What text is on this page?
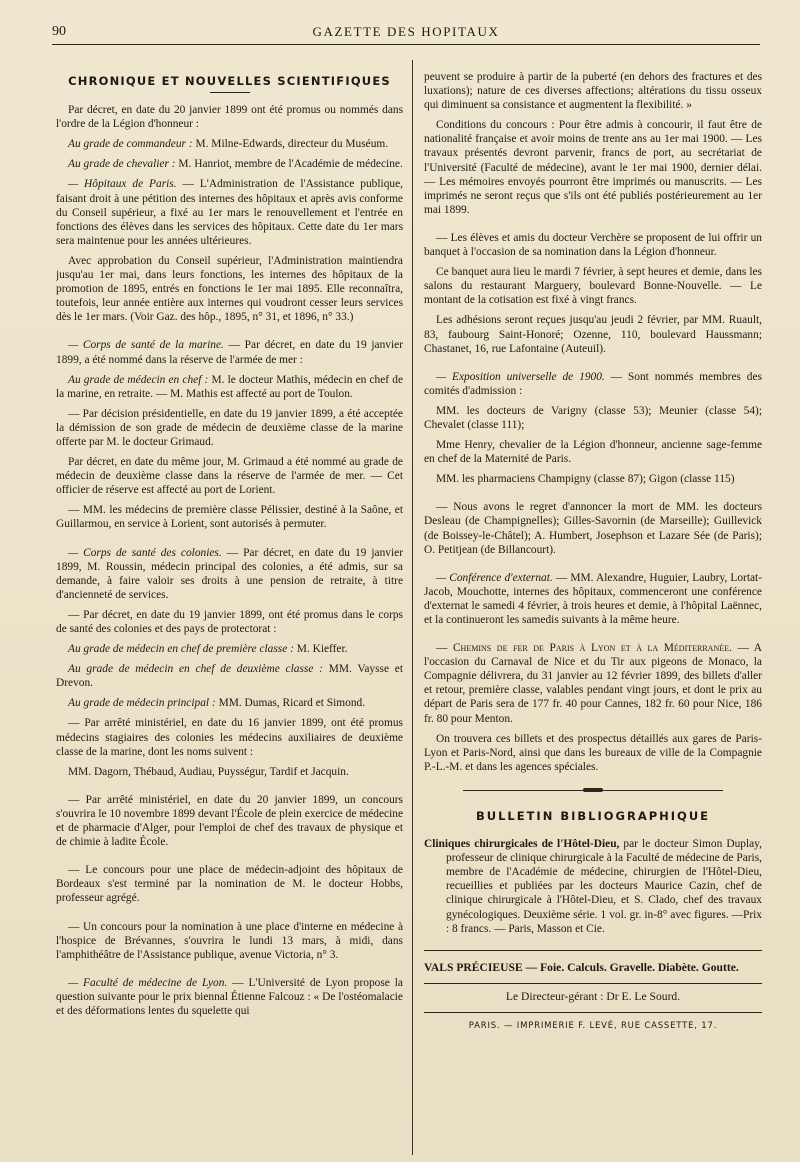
90	GAZETTE DES HOPITAUX
CHRONIQUE ET NOUVELLES SCIENTIFIQUES

Par décret, en date du 20 janvier 1899 ont été promus ou nommés dans l'ordre de la Légion d'honneur :

Au grade de commandeur : M. Milne-Edwards, directeur du Muséum.

Au grade de chevalier : M. Hanriot, membre de l'Académie de médecine.

— Hôpitaux de Paris. — L'Administration de l'Assistance publique, faisant droit à une pétition des internes des hôpitaux et après avis conforme du Conseil supérieur, a fixé au 1er mars le renouvellement et l'entrée en fonctions des élèves dans les services des hôpitaux. Cette date du 1er mars sera maintenue pour les années ultérieures.

Avec approbation du Conseil supérieur, l'Administration maintiendra jusqu'au 1er mai, dans leurs fonctions, les internes des hôpitaux de la promotion de 1895, entrés en fonctions le 1er mai 1895. Elle reconnaîtra, toutefois, leur année entière aux internes qui voudront cesser leurs services dès le 1er mars. (Voir Gaz. des hôp., 1895, n° 31, et 1896, n° 33.)

— Corps de santé de la marine. — Par décret, en date du 19 janvier 1899, a été nommé dans la réserve de l'armée de mer :

Au grade de médecin en chef : M. le docteur Mathis, médecin en chef de la marine, en retraite. — M. Mathis est affecté au port de Toulon.

— Par décision présidentielle, en date du 19 janvier 1899, a été acceptée la démission de son grade de médecin de deuxième classe de la marine offerte par M. le docteur Grimaud.

Par décret, en date du même jour, M. Grimaud a été nommé au grade de médecin de deuxième classe dans la réserve de l'armée de mer. — Cet officier de réserve est affecté au port de Lorient.

— MM. les médecins de première classe Pélissier, destiné à la Saône, et Guillarmou, en service à Lorient, sont autorisés à permuter.

— Corps de santé des colonies. — Par décret, en date du 19 janvier 1899, M. Roussin, médecin principal des colonies, a été admis, sur sa demande, à faire valoir ses droits à une pension de retraite, à titre d'ancienneté de services.

— Par décret, en date du 19 janvier 1899, ont été promus dans le corps de santé des colonies et des pays de protectorat :

Au grade de médecin en chef de première classe : M. Kieffer.

Au grade de médecin en chef de deuxième classe : MM. Vaysse et Drevon.

Au grade de médecin principal : MM. Dumas, Ricard et Simond.

— Par arrêté ministériel, en date du 16 janvier 1899, ont été promus médecins stagiaires des colonies les médecins auxiliaires de deuxième classe de la marine, dont les noms suivent :

MM. Dagorn, Thébaud, Audiau, Puysségur, Tardif et Jacquin.

— Par arrêté ministériel, en date du 20 janvier 1899, un concours s'ouvrira le 10 novembre 1899 devant l'École de plein exercice de médecine et de pharmacie d'Alger, pour l'emploi de chef des travaux de physique et de chimie à ladite École.

— Le concours pour une place de médecin-adjoint des hôpitaux de Bordeaux s'est terminé par la nomination de M. le docteur Hobbs, professeur agrégé.

— Un concours pour la nomination à une place d'interne en médecine à l'hospice de Brévannes, s'ouvrira le lundi 13 mars, à midi, dans l'amphithéâtre de l'Assistance publique, avenue Victoria, n° 3.

— Faculté de médecine de Lyon. — L'Université de Lyon propose la question suivante pour le prix biennal Étienne Falcouz : « De l'ostéomalacie et des déformations lentes du squelette qui

peuvent se produire à partir de la puberté (en dehors des fractures et des luxations); nature de ces diverses affections; altérations du tissu osseux qui diminuent sa consistance et augmentent la flexibilité. »

Conditions du concours : Pour être admis à concourir, il faut être de nationalité française et avoir moins de trente ans au 1er mai 1900. — Les travaux présentés devront parvenir, francs de port, au secrétariat de l'Université (Faculté de médecine), avant le 1er mai 1900, dernier délai. — Les mémoires envoyés pourront être imprimés ou manuscrits. — Les imprimés ne seront reçus que s'ils ont été publiés postérieurement au 1er mai 1899.

— Les élèves et amis du docteur Verchère se proposent de lui offrir un banquet à l'occasion de sa nomination dans la Légion d'honneur.

Ce banquet aura lieu le mardi 7 février, à sept heures et demie, dans les salons du restaurant Marguery, boulevard Bonne-Nouvelle. — Le montant de la cotisation est fixé à vingt francs.

Les adhésions seront reçues jusqu'au jeudi 2 février, par MM. Ruault, 83, faubourg Saint-Honoré; Ozenne, 110, boulevard Haussmann; Chastanet, 16, rue Lafontaine (Auteuil).

— Exposition universelle de 1900. — Sont nommés membres des comités d'admission :

MM. les docteurs de Varigny (classe 53); Meunier (classe 54); Chevalet (classe 111);

Mme Henry, chevalier de la Légion d'honneur, ancienne sage-femme en chef de la Maternité de Paris.

MM. les pharmaciens Champigny (classe 87); Gigon (classe 115)

— Nous avons le regret d'annoncer la mort de MM. les docteurs Desleau (de Champignelles); Gilles-Savornin (de Marseille); Guillevick (de Boissey-le-Châtel); A. Humbert, Josephson et Lazare Sée (de Paris); O. Petitjean (de Billancourt).

— Conférence d'externat. — MM. Alexandre, Huguier, Laubry, Lortat-Jacob, Mouchotte, internes des hôpitaux, commenceront une conférence d'externat le samedi 4 février, à trois heures et demie, à l'hôpital Laënnec, et la continueront les samedis suivants à la même heure.

— Chemins de fer de Paris à Lyon et à la Méditerranée. — A l'occasion du Carnaval de Nice et du Tir aux pigeons de Monaco, la Compagnie délivrera, du 31 janvier au 12 février 1899, des billets d'aller et retour, première classe, valables pendant vingt jours, et dont le prix au départ de Paris sera de 177 fr. 40 pour Cannes, 182 fr. 60 pour Nice, 186 fr. 80 pour Menton.

On trouvera ces billets et des prospectus détaillés aux gares de Paris-Lyon et Paris-Nord, ainsi que dans les bureaux de ville de la Compagnie P.-L.-M. et dans les agences spéciales.

BULLETIN BIBLIOGRAPHIQUE

Cliniques chirurgicales de l'Hôtel-Dieu, par le docteur Simon Duplay, professeur de clinique chirurgicale à la Faculté de médecine de Paris, membre de l'Académie de médecine, chirurgien de l'Hôtel-Dieu, recueillies et publiées par les docteurs Maurice Cazin, chef de clinique chirurgicale à l'Hôtel-Dieu, et S. Clado, chef des travaux gynécologiques. Deuxième série. 1 vol. gr. in-8° avec figures. —Prix : 8 francs. — Paris, Masson et Cie.

VALS PRÉCIEUSE — Foie. Calculs. Gravelle. Diabète. Goutte.

Le Directeur-gérant : Dr E. Le Sourd.

PARIS. — IMPRIMERIE F. LEVÉ, RUE CASSETTE, 17.
